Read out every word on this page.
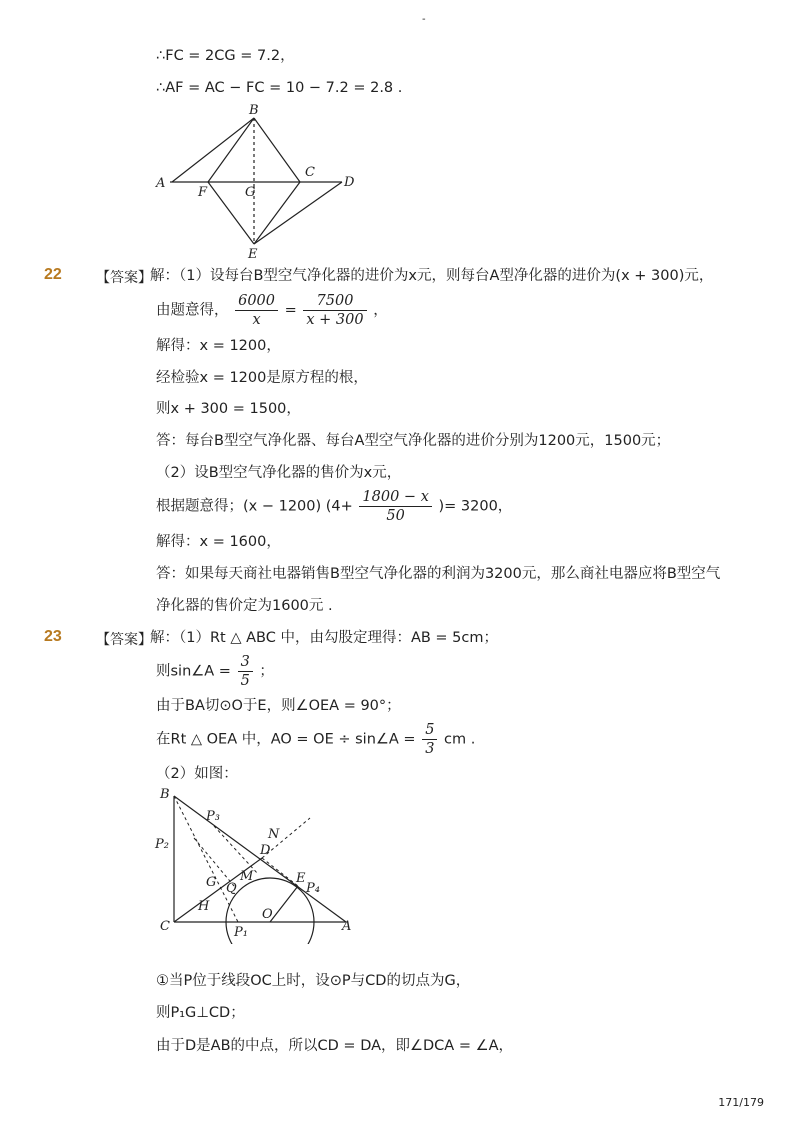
-
∴FC = 2CG = 7.2，
∴AF = AC − FC = 10 − 7.2 = 2.8 .
B
A
F	G
C
D
E
22 【答案】
解：（1）设每台B型空气净化器的进价为x元，则每台A型净化器的进价为(x + 300)元，
由题意得， $\frac{6000}{x} = \frac{7500}{x + 300}$ ，
解得：x = 1200，
经检验x = 1200是原方程的根，
则x + 300 = 1500，
答：每台B型空气净化器、每台A型空气净化器的进价分别为1200元，1500元；
（2）设B型空气净化器的售价为x元，
根据题意得；(x − 1200) ($4+ \frac{1800 - x}{50}$ )= 3200，
解得：x = 1600，
答：如果每天商社电器销售B型空气净化器的利润为3200元，那么商社电器应将B型空气
净化器的售价定为1600元 .
23 【答案】
解：（1）Rt △ ABC 中，由勾股定理得：AB = 5cm；
则sin∠A = $\frac{3}{5}$ ；
由于BA切⊙O于E，则∠OEA = 90°；
在Rt △ OEA 中，AO = OE ÷ sin∠A = $\frac{5}{3}$ cm .
（2）如图：
B
P₃
N
P₂	D
M	E
P₄
G Q
H
O
C	P₁	A
①当P位于线段OC上时，设⊙P与CD的切点为G，
则P₁G⊥CD；
由于D是AB的中点，所以CD = DA，即∠DCA = ∠A，
171/179
